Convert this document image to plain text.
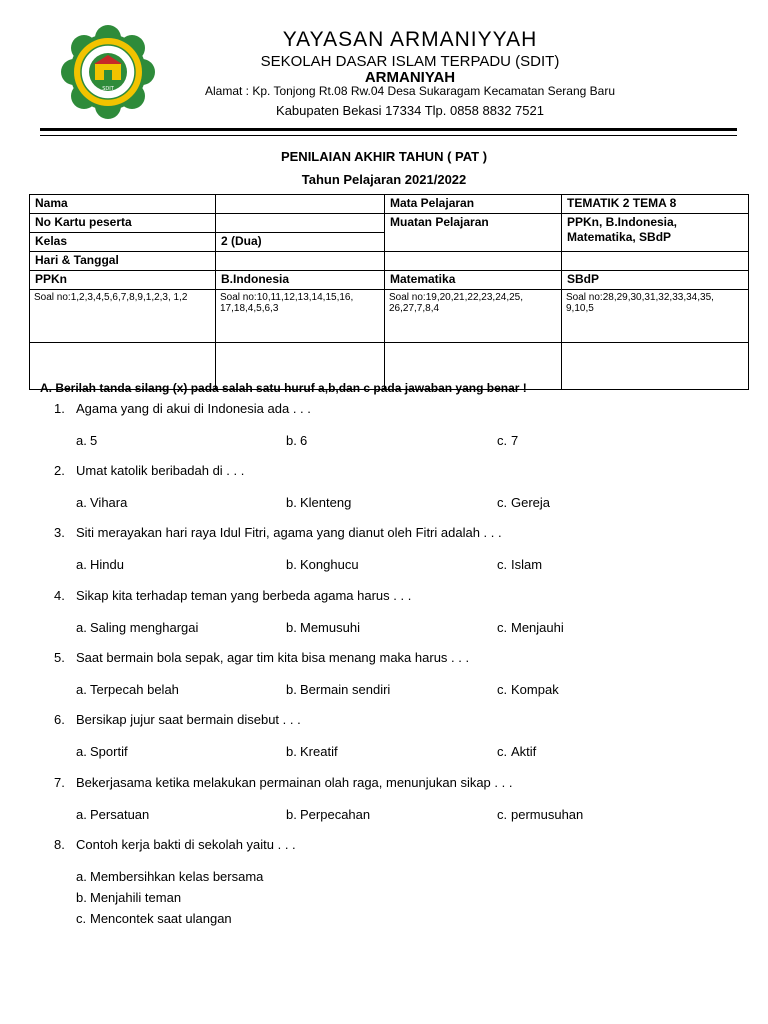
SDIT
YAYASAN ARMANIYYAH
SEKOLAH DASAR ISLAM TERPADU (SDIT)
ARMANIYAH
Alamat : Kp. Tonjong Rt.08 Rw.04 Desa Sukaragam Kecamatan Serang Baru
Kabupaten Bekasi 17334 Tlp. 0858 8832 7521
PENILAIAN AKHIR TAHUN ( PAT )
Tahun Pelajaran 2021/2022
Nama		Mata Pelajaran	TEMATIK 2 TEMA 8
No Kartu peserta		Muatan Pelajaran	PPKn, B.Indonesia, Matematika, SBdP
Kelas	2 (Dua)		
Hari & Tanggal			
PPKn	B.Indonesia	Matematika	SBdP
Soal no:1,2,3,4,5,6,7,8,9,1,2,3, 1,2	Soal no:10,11,12,13,14,15,16, 17,18,4,5,6,3	Soal no:19,20,21,22,23,24,25, 26,27,7,8,4	Soal no:28,29,30,31,32,33,34,35, 9,10,5

A. Berilah tanda silang (x) pada salah satu huruf a,b,dan c pada jawaban yang benar !
1. Agama yang di akui di Indonesia ada . . .
a. 5	b. 6	c. 7
2. Umat katolik beribadah di . . .
a. Vihara	b. Klenteng	c. Gereja
3. Siti merayakan hari raya Idul Fitri, agama yang dianut oleh Fitri adalah . . .
a. Hindu	b. Konghucu	c. Islam
4. Sikap kita terhadap teman yang berbeda agama harus . . .
a. Saling menghargai	b. Memusuhi	c. Menjauhi
5. Saat bermain bola sepak, agar tim kita bisa menang maka harus . . .
a. Terpecah belah	b. Bermain sendiri	c. Kompak
6. Bersikap jujur saat bermain disebut . . .
a. Sportif	b. Kreatif	c. Aktif
7. Bekerjasama ketika melakukan permainan olah raga, menunjukan sikap . . .
a. Persatuan	b. Perpecahan	c. permusuhan
8. Contoh kerja bakti di sekolah yaitu . . .
a. Membersihkan kelas bersama
b. Menjahili teman
c. Mencontek saat ulangan
